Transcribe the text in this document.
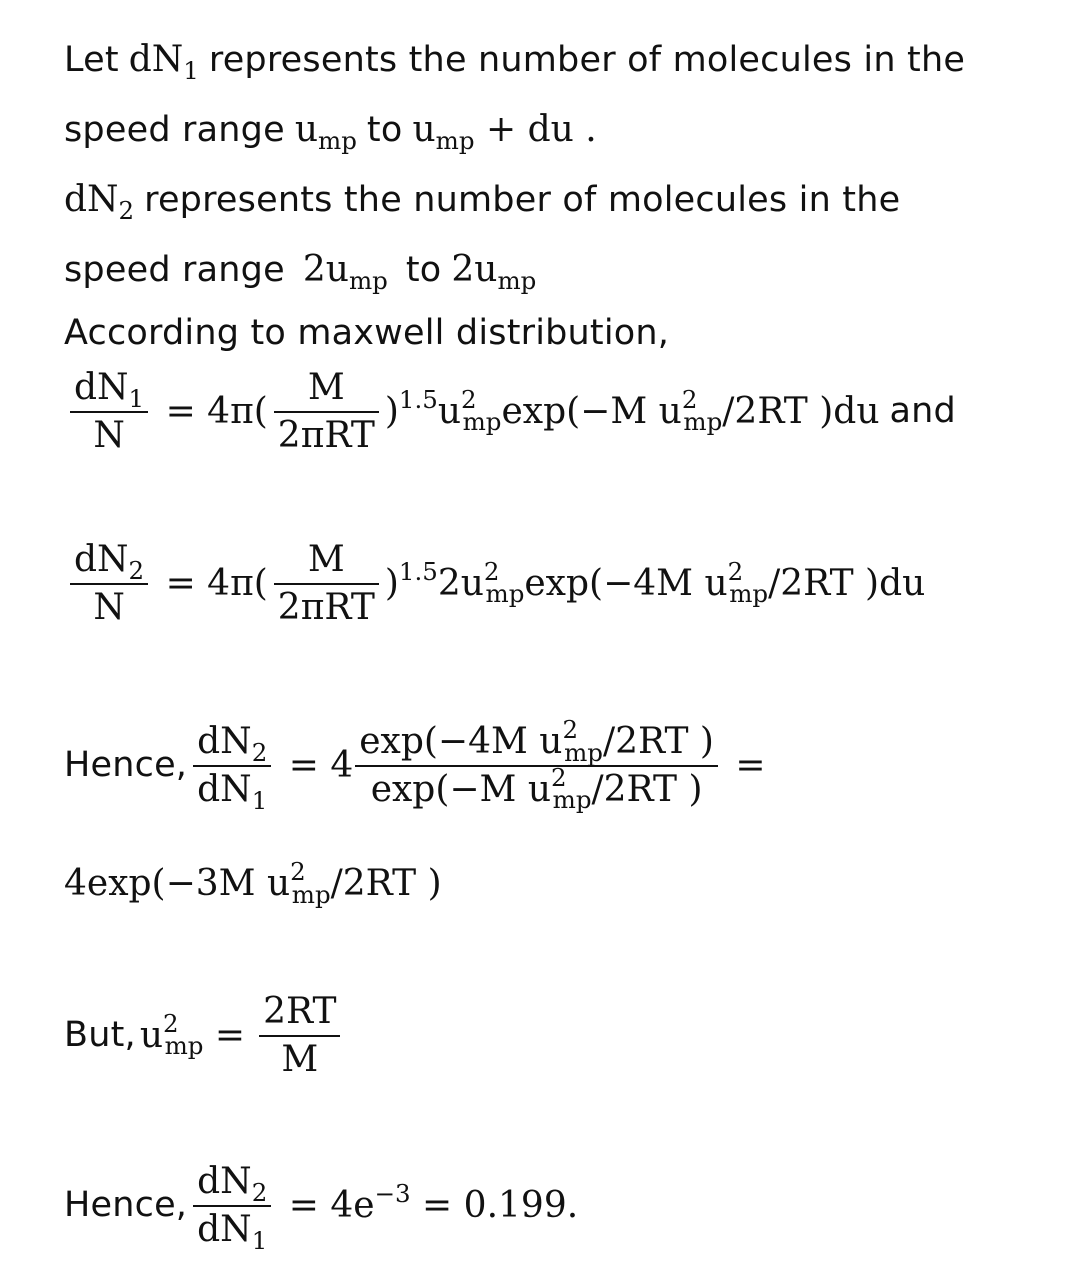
Let $dN_1$ represents the number of molecules in the
speed range $u_{mp}$ to $u_{mp}$ + du .
$dN_2$ represents the number of molecules in the
speed range $2u_{mp}$ to $2u_{mp}$
According to maxwell distribution,
$\frac{dN_1}{N} = 4\pi( \frac{M}{\text{2πRT}} )^{1.5}u^2_{mp}\exp(-M$ $u^2_{mp}/2RT$ )du and
$\frac{dN_2}{N} = 4\pi( \frac{M}{\text{2πRT}} )^{1.5}2u^2_{mp}\exp(-4M$ $u^2_{mp}/2RT$ )du
Hence, $\frac{dN_2}{dN_1} = 4 \frac{\exp(-4M u^2_{mp}/2RT )}{\exp(-M u^2_{mp}/2RT )}$ =
4exp(−3M $u^2_{mp}/2RT$ )
But, $u^2_{mp} = \frac{2RT}{M}$
Hence, $\frac{dN_2}{dN_1} = 4e^{-3} = 0.199$.
